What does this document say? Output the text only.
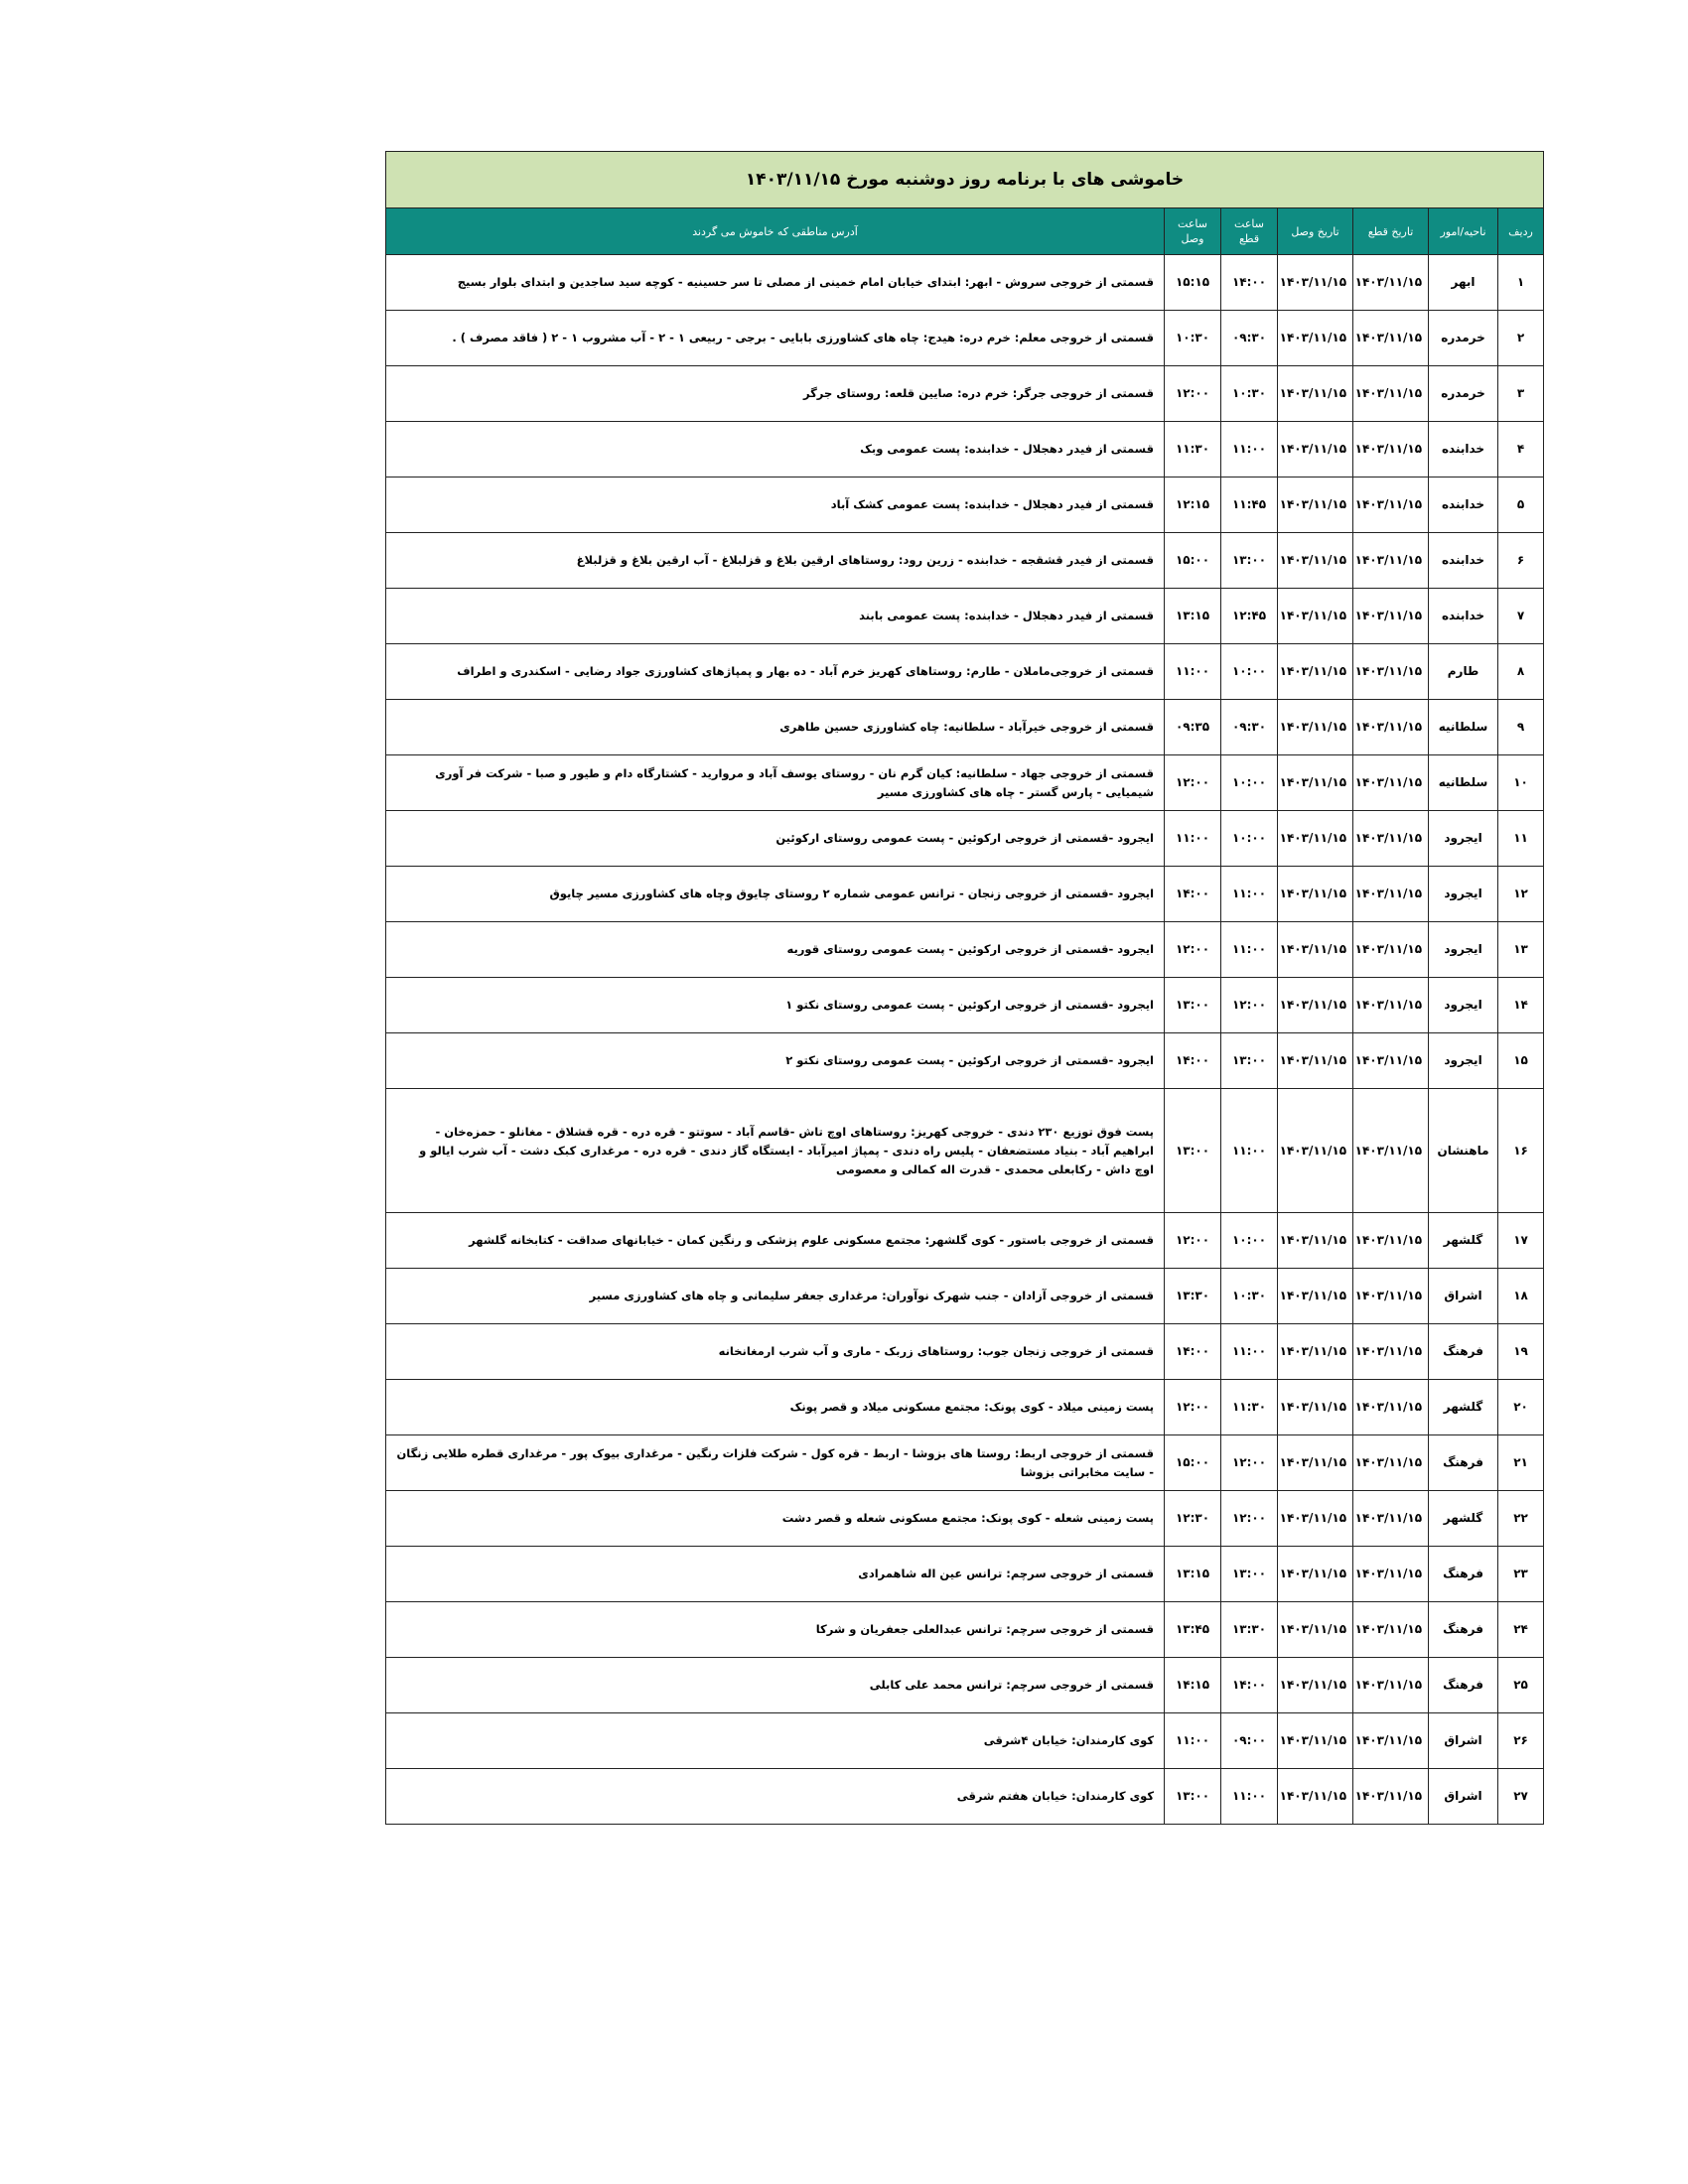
خاموشی های با برنامه روز دوشنبه مورخ ۱۴۰۳/۱۱/۱۵						
ردیف	ناحیه/امور	تاریخ قطع	تاریخ وصل	ساعت قطع	ساعت وصل	آدرس مناطقی که خاموش می گردند
۱	ابهر	۱۴۰۳/۱۱/۱۵	۱۴۰۳/۱۱/۱۵	۱۴:۰۰	۱۵:۱۵	قسمتی از خروجی سروش - ابهر: ابتدای خیابان امام خمینی از مصلی تا سر حسینیه - کوچه سید ساجدین و ابتدای بلوار بسیج
۲	خرمدره	۱۴۰۳/۱۱/۱۵	۱۴۰۳/۱۱/۱۵	۰۹:۳۰	۱۰:۳۰	قسمتی از خروجی معلم: خرم دره: هیدج: چاه های کشاورزی بابایی - برجی - ربیعی ۱ - ۲ - آب مشروب ۱ - ۲ ( فاقد مصرف ) .
۳	خرمدره	۱۴۰۳/۱۱/۱۵	۱۴۰۳/۱۱/۱۵	۱۰:۳۰	۱۲:۰۰	قسمتی از خروجی جرگر: خرم دره: صایین قلعه: روستای جرگر
۴	خدابنده	۱۴۰۳/۱۱/۱۵	۱۴۰۳/۱۱/۱۵	۱۱:۰۰	۱۱:۳۰	قسمتی از فیدر دهجلال - خدابنده: پست عمومی وبک
۵	خدابنده	۱۴۰۳/۱۱/۱۵	۱۴۰۳/۱۱/۱۵	۱۱:۴۵	۱۲:۱۵	قسمتی از فیدر دهجلال - خدابنده: پست عمومی کشک آباد
۶	خدابنده	۱۴۰۳/۱۱/۱۵	۱۴۰۳/۱۱/۱۵	۱۳:۰۰	۱۵:۰۰	قسمتی از فیدر قشقجه - خدابنده - زرین رود: روستاهای ارقین بلاغ و قزلبلاغ - آب ارقین بلاغ و قزلبلاغ
۷	خدابنده	۱۴۰۳/۱۱/۱۵	۱۴۰۳/۱۱/۱۵	۱۲:۴۵	۱۳:۱۵	قسمتی از فیدر دهجلال - خدابنده: پست عمومی بابند
۸	طارم	۱۴۰۳/۱۱/۱۵	۱۴۰۳/۱۱/۱۵	۱۰:۰۰	۱۱:۰۰	قسمتی از خروجی‌ماملان - طارم: روستاهای کهریز خرم آباد - ده بهار و پمپاژهای کشاورزی جواد رضایی - اسکندری و اطراف
۹	سلطانیه	۱۴۰۳/۱۱/۱۵	۱۴۰۳/۱۱/۱۵	۰۹:۳۰	۰۹:۳۵	قسمتی از خروجی خیرآباد - سلطانیه: چاه کشاورزی حسین طاهری
۱۰	سلطانیه	۱۴۰۳/۱۱/۱۵	۱۴۰۳/۱۱/۱۵	۱۰:۰۰	۱۲:۰۰	قسمتی از خروجی جهاد - سلطانیه: کیان گرم نان - روستای یوسف آباد و مروارید - کشتارگاه دام و طیور و صبا - شرکت فر آوری شیمیایی - پارس گستر - چاه های کشاورزی مسیر
۱۱	ایجرود	۱۴۰۳/۱۱/۱۵	۱۴۰۳/۱۱/۱۵	۱۰:۰۰	۱۱:۰۰	ایجرود -قسمتی از خروجی ارکوئین - پست عمومی روستای ارکوئین
۱۲	ایجرود	۱۴۰۳/۱۱/۱۵	۱۴۰۳/۱۱/۱۵	۱۱:۰۰	۱۴:۰۰	ایجرود -قسمتی از خروجی زنجان - ترانس عمومی شماره ۲ روستای چایوق وچاه های کشاورزی مسیر چایوق
۱۳	ایجرود	۱۴۰۳/۱۱/۱۵	۱۴۰۳/۱۱/۱۵	۱۱:۰۰	۱۲:۰۰	ایجرود -قسمتی از خروجی ارکوئین - پست عمومی روستای قوریه
۱۴	ایجرود	۱۴۰۳/۱۱/۱۵	۱۴۰۳/۱۱/۱۵	۱۲:۰۰	۱۳:۰۰	ایجرود -قسمتی از خروجی ارکوئین - پست عمومی روستای نکتو ۱
۱۵	ایجرود	۱۴۰۳/۱۱/۱۵	۱۴۰۳/۱۱/۱۵	۱۳:۰۰	۱۴:۰۰	ایجرود -قسمتی از خروجی ارکوئین - پست عمومی روستای نکتو ۲
۱۶	ماهنشان	۱۴۰۳/۱۱/۱۵	۱۴۰۳/۱۱/۱۵	۱۱:۰۰	۱۳:۰۰	پست فوق توزیع ۲۳۰ دندی - خروجی کهریز: روستاهای اوچ تاش -قاسم آباد - سوتتو - قره دره - قره قشلاق - مغانلو - حمزه‌خان - ابراهیم آباد - بنیاد مستضعفان - پلیس راه دندی - پمپاژ امیرآباد - ایستگاه گاز دندی - قره دره - مرغداری کبک دشت - آب شرب ایالو و اوچ داش - رکابعلی محمدی - قدرت اله کمالی و معصومی
۱۷	گلشهر	۱۴۰۳/۱۱/۱۵	۱۴۰۳/۱۱/۱۵	۱۰:۰۰	۱۲:۰۰	قسمتی از خروجی باستور - کوی گلشهر: مجتمع مسکونی علوم پزشکی و رنگین کمان - خیابانهای صداقت - کتابخانه گلشهر
۱۸	اشراق	۱۴۰۳/۱۱/۱۵	۱۴۰۳/۱۱/۱۵	۱۰:۳۰	۱۳:۳۰	قسمتی از خروجی آزادان - جنب شهرک نوآوران: مرغداری جعفر سلیمانی و چاه های کشاورزی مسیر
۱۹	فرهنگ	۱۴۰۳/۱۱/۱۵	۱۴۰۳/۱۱/۱۵	۱۱:۰۰	۱۴:۰۰	قسمتی از خروجی زنجان جوب: روستاهای زربک - ماری و آب شرب ارمغانخانه
۲۰	گلشهر	۱۴۰۳/۱۱/۱۵	۱۴۰۳/۱۱/۱۵	۱۱:۳۰	۱۲:۰۰	پست زمینی میلاد - کوی پونک: مجتمع مسکونی میلاد و قصر پونک
۲۱	فرهنگ	۱۴۰۳/۱۱/۱۵	۱۴۰۳/۱۱/۱۵	۱۲:۰۰	۱۵:۰۰	قسمتی از خروجی اربط: روستا های بزوشا - اربط - قره کول - شرکت فلزات رنگین - مرغداری بیوک پور - مرغداری قطره طلایی زنگان - سایت مخابراتی بزوشا
۲۲	گلشهر	۱۴۰۳/۱۱/۱۵	۱۴۰۳/۱۱/۱۵	۱۲:۰۰	۱۲:۳۰	پست زمینی شعله - کوی پونک: مجتمع مسکونی شعله و قصر دشت
۲۳	فرهنگ	۱۴۰۳/۱۱/۱۵	۱۴۰۳/۱۱/۱۵	۱۳:۰۰	۱۳:۱۵	قسمتی از خروجی سرچم: ترانس عین اله شاهمرادی
۲۴	فرهنگ	۱۴۰۳/۱۱/۱۵	۱۴۰۳/۱۱/۱۵	۱۳:۳۰	۱۳:۴۵	قسمتی از خروجی سرچم: ترانس عبدالعلی جعفریان و شرکا
۲۵	فرهنگ	۱۴۰۳/۱۱/۱۵	۱۴۰۳/۱۱/۱۵	۱۴:۰۰	۱۴:۱۵	قسمتی از خروجی سرچم: ترانس محمد علی کابلی
۲۶	اشراق	۱۴۰۳/۱۱/۱۵	۱۴۰۳/۱۱/۱۵	۰۹:۰۰	۱۱:۰۰	کوی کارمندان: خیابان ۴شرقی
۲۷	اشراق	۱۴۰۳/۱۱/۱۵	۱۴۰۳/۱۱/۱۵	۱۱:۰۰	۱۳:۰۰	کوی کارمندان: خیابان هفتم شرقی
